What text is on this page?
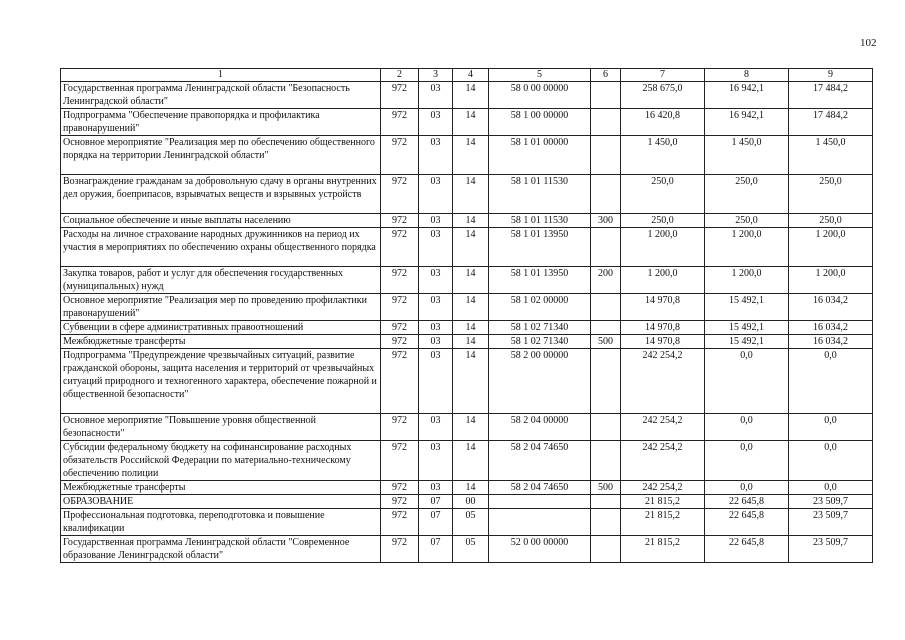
102
1	2	3	4	5	6	7	8	9
Государственная программа Ленинградской области "Безопасность Ленинградской области"	972	03	14	58 0 00 00000		258 675,0	16 942,1	17 484,2
Подпрограмма "Обеспечение правопорядка и профилактика правонарушений"	972	03	14	58 1 00 00000		16 420,8	16 942,1	17 484,2
Основное мероприятие "Реализация мер по обеспечению общественного порядка на территории Ленинградской области"	972	03	14	58 1 01 00000		1 450,0	1 450,0	1 450,0
Вознаграждение гражданам за добровольную сдачу в органы внутренних дел оружия, боеприпасов, взрывчатых веществ и взрывных устройств	972	03	14	58 1 01 11530		250,0	250,0	250,0
Социальное обеспечение и иные выплаты населению	972	03	14	58 1 01 11530	300	250,0	250,0	250,0
Расходы на личное страхование народных дружинников на период их участия в мероприятиях по обеспечению охраны общественного порядка	972	03	14	58 1 01 13950		1 200,0	1 200,0	1 200,0
Закупка товаров, работ и услуг для обеспечения государственных (муниципальных) нужд	972	03	14	58 1 01 13950	200	1 200,0	1 200,0	1 200,0
Основное мероприятие "Реализация мер по проведению профилактики правонарушений"	972	03	14	58 1 02 00000		14 970,8	15 492,1	16 034,2
Субвенции в сфере административных правоотношений	972	03	14	58 1 02 71340		14 970,8	15 492,1	16 034,2
Межбюджетные трансферты	972	03	14	58 1 02 71340	500	14 970,8	15 492,1	16 034,2
Подпрограмма "Предупреждение чрезвычайных ситуаций, развитие гражданской обороны, защита населения и территорий от чрезвычайных ситуаций природного и техногенного характера, обеспечение пожарной и общественной безопасности"	972	03	14	58 2 00 00000		242 254,2	0,0	0,0
Основное мероприятие "Повышение уровня общественной безопасности"	972	03	14	58 2 04 00000		242 254,2	0,0	0,0
Субсидии федеральному бюджету на софинансирование расходных обязательств Российской Федерации по материально-техническому обеспечению полиции	972	03	14	58 2 04 74650		242 254,2	0,0	0,0
Межбюджетные трансферты	972	03	14	58 2 04 74650	500	242 254,2	0,0	0,0
ОБРАЗОВАНИЕ	972	07	00			21 815,2	22 645,8	23 509,7
Профессиональная подготовка, переподготовка и повышение квалификации	972	07	05			21 815,2	22 645,8	23 509,7
Государственная программа Ленинградской области "Современное образование Ленинградской области"	972	07	05	52 0 00 00000		21 815,2	22 645,8	23 509,7
